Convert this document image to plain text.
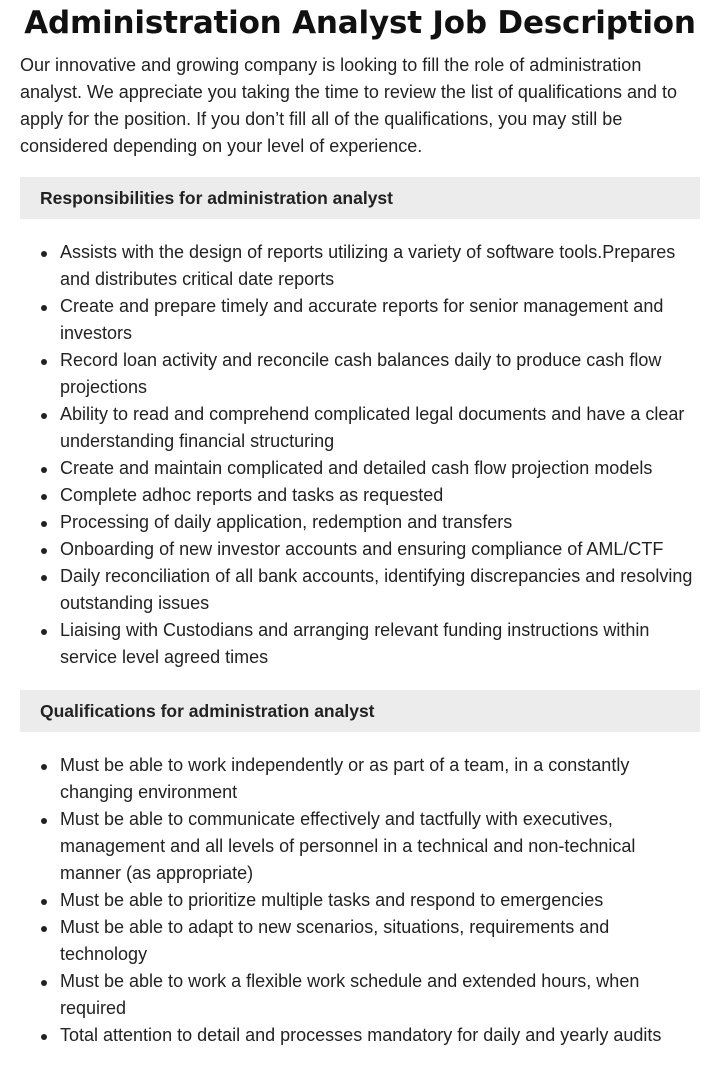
Administration Analyst Job Description

Our innovative and growing company is looking to fill the role of administration analyst. We appreciate you taking the time to review the list of qualifications and to apply for the position. If you don’t fill all of the qualifications, you may still be considered depending on your level of experience.

Responsibilities for administration analyst
Assists with the design of reports utilizing a variety of software tools.Prepares and distributes critical date reports
Create and prepare timely and accurate reports for senior management and investors
Record loan activity and reconcile cash balances daily to produce cash flow projections
Ability to read and comprehend complicated legal documents and have a clear understanding financial structuring
Create and maintain complicated and detailed cash flow projection models
Complete adhoc reports and tasks as requested
Processing of daily application, redemption and transfers
Onboarding of new investor accounts and ensuring compliance of AML/CTF
Daily reconciliation of all bank accounts, identifying discrepancies and resolving outstanding issues
Liaising with Custodians and arranging relevant funding instructions within service level agreed times
Qualifications for administration analyst
Must be able to work independently or as part of a team, in a constantly changing environment
Must be able to communicate effectively and tactfully with executives, management and all levels of personnel in a technical and non-technical manner (as appropriate)
Must be able to prioritize multiple tasks and respond to emergencies
Must be able to adapt to new scenarios, situations, requirements and technology
Must be able to work a flexible work schedule and extended hours, when required
Total attention to detail and processes mandatory for daily and yearly audits
